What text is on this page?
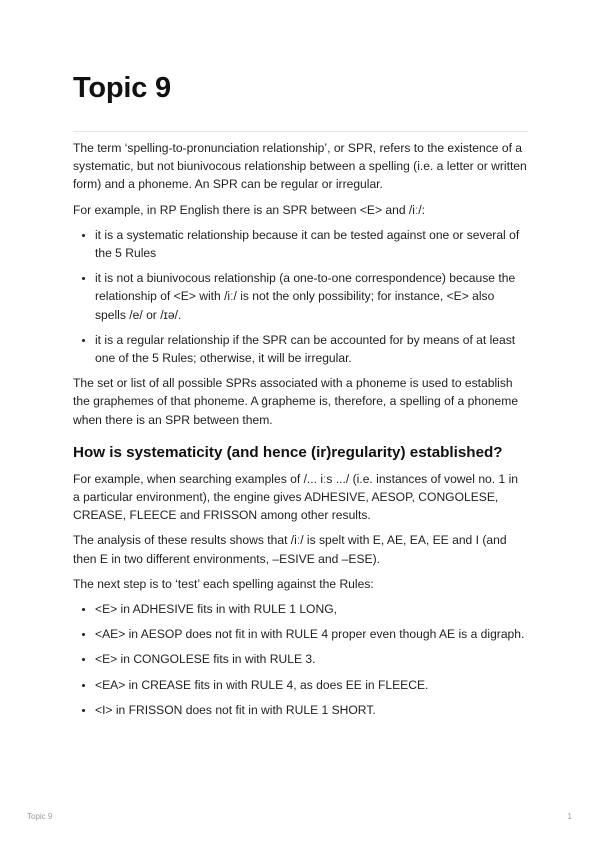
Topic 9

The term ‘spelling-to-pronunciation relationship’, or SPR, refers to the existence of a systematic, but not biunivocous relationship between a spelling (i.e. a letter or written form) and a phoneme. An SPR can be regular or irregular.

For example, in RP English there is an SPR between <E> and /iː/:

• it is a systematic relationship because it can be tested against one or several of the 5 Rules
• it is not a biunivocous relationship (a one-to-one correspondence) because the relationship of <E> with /iː/ is not the only possibility; for instance, <E> also spells /e/ or /ɪə/.
• it is a regular relationship if the SPR can be accounted for by means of at least one of the 5 Rules; otherwise, it will be irregular.

The set or list of all possible SPRs associated with a phoneme is used to establish the graphemes of that phoneme. A grapheme is, therefore, a spelling of a phoneme when there is an SPR between them.

How is systematicity (and hence (ir)regularity) established?

For example, when searching examples of /... iːs .../ (i.e. instances of vowel no. 1 in a particular environment), the engine gives ADHESIVE, AESOP, CONGOLESE, CREASE, FLEECE and FRISSON among other results.

The analysis of these results shows that /iː/ is spelt with E, AE, EA, EE and I (and then E in two different environments, –ESIVE and –ESE).

The next step is to ‘test’ each spelling against the Rules:

• <E> in ADHESIVE fits in with RULE 1 LONG,
• <AE> in AESOP does not fit in with RULE 4 proper even though AE is a digraph.
• <E> in CONGOLESE fits in with RULE 3.
• <EA> in CREASE fits in with RULE 4, as does EE in FLEECE.
• <I> in FRISSON does not fit in with RULE 1 SHORT.
Topic 9	1
